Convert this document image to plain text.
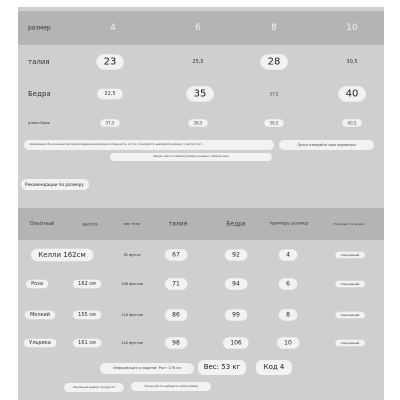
размер	4	6	8	10
талия	23	25,5	28	30,5
Бедра	32,5	35	37,5	40
длина брюк	37,5	38,5	39,5	40,5
примечание: Из-за разных методов измерения возможна погрешность 1-2 см, пожалуйста, выбирайте размер с учетом этого	Лучше измеряйте свои параметры
Общие советы по выбору размера указаны в таблице ниже
Рекомендации по размеру
Опытный	высота	вес тела	талия	Бедра	примерь размер	Подойдёт ли время
Келли 162см	92 фунта	67	92	4	подходящий
Роза	162 см	106 фунтов	71	94	6	подходящий
Мелкий	155 см	120 фунтов	86	99	8	подходящий
Ульрика	161 см	140 фунтов	98	106	10	подходящий
Информация о модели: Рост 176 см	Вес: 53 кг	Код 4
Реальный выбор продукта	Пожалуйста, выберите свой размер
